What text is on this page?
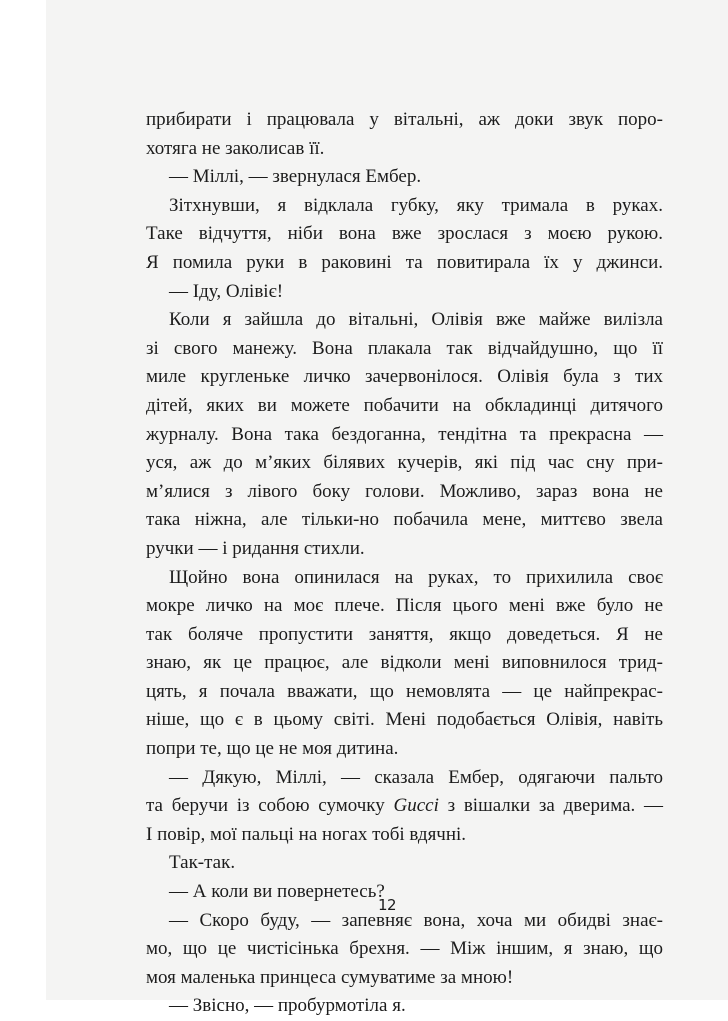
прибирати і працювала у вітальні, аж доки звук поро-
хотяга не заколисав її.
— Міллі, — звернулася Ембер.
Зітхнувши, я відклала губку, яку тримала в руках.
Таке відчуття, ніби вона вже зрослася з моєю рукою.
Я помила руки в раковині та повитирала їх у джинси.
— Іду, Олівіє!
Коли я зайшла до вітальні, Олівія вже майже вилізла
зі свого манежу. Вона плакала так відчайдушно, що її
миле кругленьке личко зачервонілося. Олівія була з тих
дітей, яких ви можете побачити на обкладинці дитячого
журналу. Вона така бездоганна, тендітна та прекрасна —
уся, аж до м’яких білявих кучерів, які під час сну при-
м’ялися з лівого боку голови. Можливо, зараз вона не
така ніжна, але тільки-но побачила мене, миттєво звела
ручки — і ридання стихли.
Щойно вона опинилася на руках, то прихилила своє
мокре личко на моє плече. Після цього мені вже було не
так боляче пропустити заняття, якщо доведеться. Я не
знаю, як це працює, але відколи мені виповнилося трид-
цять, я почала вважати, що немовлята — це найпрекрас-
ніше, що є в цьому світі. Мені подобається Олівія, навіть
попри те, що це не моя дитина.
— Дякую, Міллі, — сказала Ембер, одягаючи пальто
та беручи із собою сумочку Gucci з вішалки за дверима. —
І повір, мої пальці на ногах тобі вдячні.
Так-так.
— А коли ви повернетесь?
— Скоро буду, — запевняє вона, хоча ми обидві знає-
мо, що це чистісінька брехня. — Між іншим, я знаю, що
моя маленька принцеса сумуватиме за мною!
— Звісно, — пробурмотіла я.
12
